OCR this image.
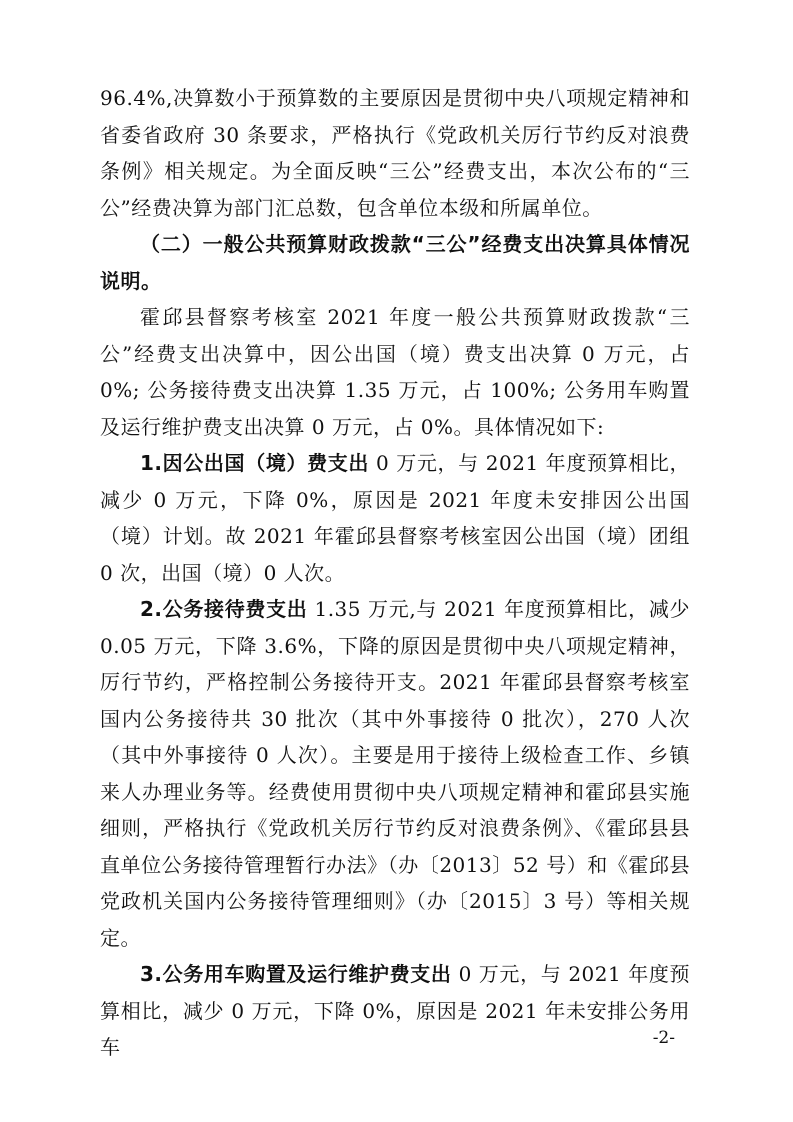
96.4%,决算数小于预算数的主要原因是贯彻中央八项规定精神和省委省政府 30 条要求，严格执行《党政机关厉行节约反对浪费条例》相关规定。为全面反映“三公”经费支出，本次公布的“三公”经费决算为部门汇总数，包含单位本级和所属单位。

（二）一般公共预算财政拨款“三公”经费支出决算具体情况说明。

霍邱县督察考核室 2021 年度一般公共预算财政拨款“三公”经费支出决算中，因公出国（境）费支出决算 0 万元，占 0%; 公务接待费支出决算 1.35 万元，占 100%; 公务用车购置及运行维护费支出决算 0 万元，占 0%。具体情况如下:

1.因公出国（境）费支出 0 万元，与 2021 年度预算相比，减少 0 万元，下降 0%，原因是 2021 年度未安排因公出国（境）计划。故 2021 年霍邱县督察考核室因公出国（境）团组 0 次，出国（境）0 人次。

2.公务接待费支出 1.35 万元,与 2021 年度预算相比，减少 0.05 万元，下降 3.6%，下降的原因是贯彻中央八项规定精神，厉行节约，严格控制公务接待开支。2021 年霍邱县督察考核室国内公务接待共 30 批次（其中外事接待 0 批次），270 人次（其中外事接待 0 人次）。主要是用于接待上级检查工作、乡镇来人办理业务等。经费使用贯彻中央八项规定精神和霍邱县实施细则，严格执行《党政机关厉行节约反对浪费条例》、《霍邱县县直单位公务接待管理暂行办法》（办〔2013〕52 号）和《霍邱县党政机关国内公务接待管理细则》（办〔2015〕3 号）等相关规定。

3.公务用车购置及运行维护费支出 0 万元，与 2021 年度预算相比，减少 0 万元，下降 0%，原因是 2021 年未安排公务用车	-2-
